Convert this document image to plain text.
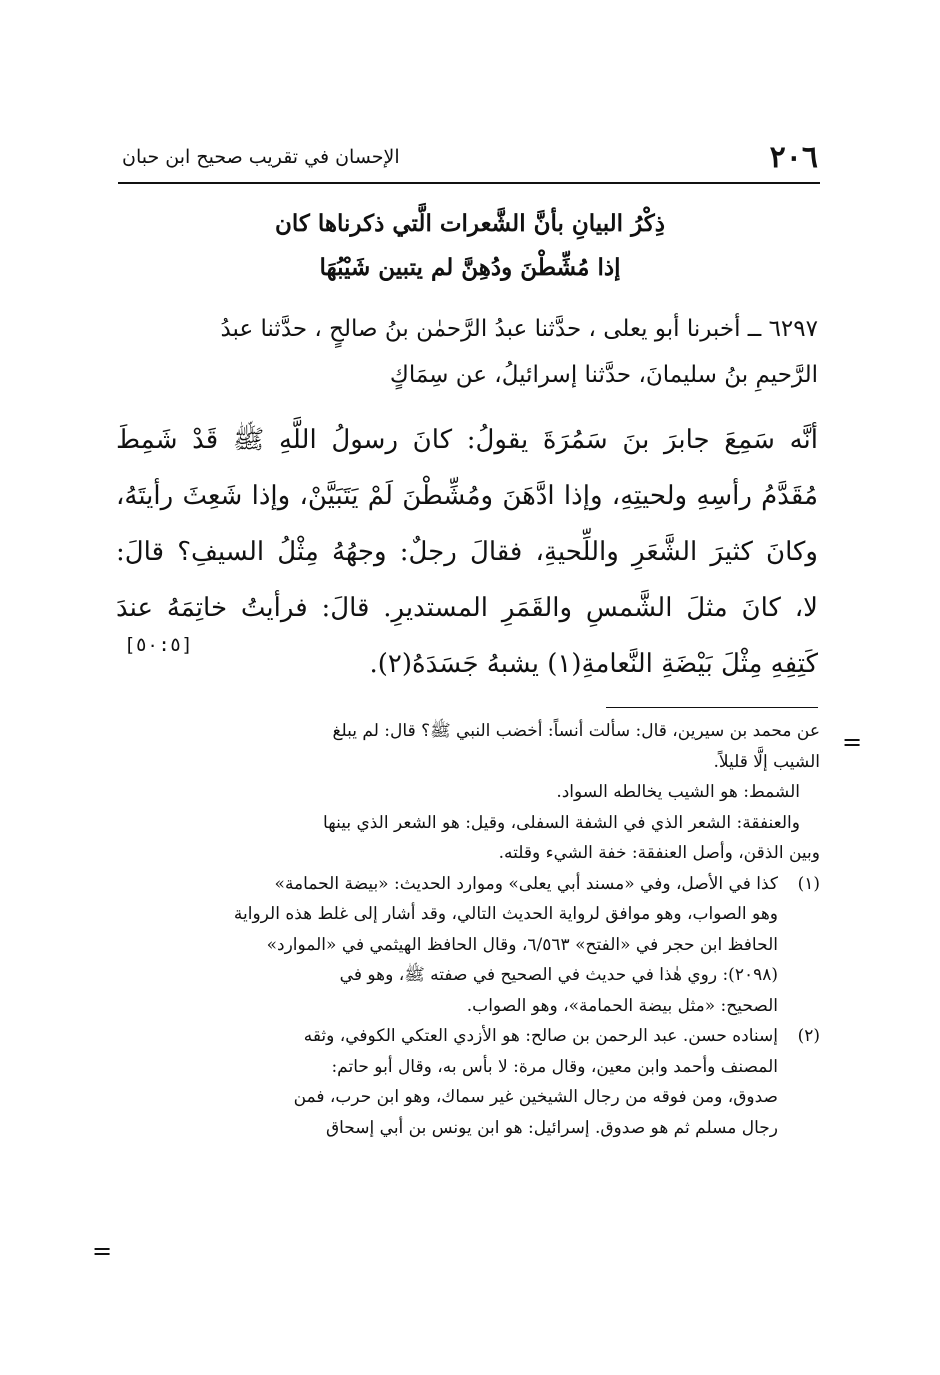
٢٠٦
الإحسان في تقريب صحيح ابن حبان
ذِكْرُ البيانِ بأنَّ الشَّعرات الَّتي ذكرناها كان
إذا مُشِّطْنَ ودُهِنَّ لم يتبين شَيْبُهَا
٦٢٩٧ ــ أخبرنا أبو يعلى ، حدَّثنا عبدُ الرَّحمٰن بنُ صالحٍ ، حدَّثنا عبدُ
الرَّحيمِ بنُ سليمانَ، حدَّثنا إسرائيلُ، عن سِمَاكٍ
أنَّه سَمِعَ جابرَ بنَ سَمُرَةَ يقولُ: كانَ رسولُ اللَّهِ ﷺ قَدْ شَمِطَ
مُقَدَّمُ رأسِهِ ولحيتِهِ، وإذا ادَّهَنَ ومُشِّطْنَ لَمْ يَتَبَيَّنْ، وإذا شَعِثَ رأيتَهُ،
وكانَ كثيرَ الشَّعَرِ واللِّحيةِ، فقالَ رجلٌ: وجهُهُ مِثْلُ السيفِ؟ قالَ:
لا، كانَ مثلَ الشَّمسِ والقَمَرِ المستديرِ. قالَ: فرأيتُ خاتِمَهُ عندَ
كَتِفِهِ مِثْلَ بَيْضَةِ النَّعامةِ(١) يشبهُ جَسَدَهُ(٢).
[٥٠:٥]
=
عن محمد بن سيرين، قال: سألت أنساً: أخضب النبي ﷺ؟ قال: لم يبلغ
الشيب إلَّا قليلاً.
الشمط: هو الشيب يخالطه السواد.
والعنفقة: الشعر الذي في الشفة السفلى، وقيل: هو الشعر الذي بينها
وبين الذقن، وأصل العنفقة: خفة الشيء وقلته.
(١)كذا في الأصل، وفي «مسند أبي يعلى» وموارد الحديث: «بيضة الحمامة»
وهو الصواب، وهو موافق لرواية الحديث التالي، وقد أشار إلى غلط هذه الرواية
الحافظ ابن حجر في «الفتح» ٦/٥٦٣، وقال الحافظ الهيثمي في «الموارد»
(٢٠٩٨): روي هٰذا في حديث في الصحيح في صفته ﷺ، وهو في
الصحيح: «مثل بيضة الحمامة»، وهو الصواب.
(٢)إسناده حسن. عبد الرحمن بن صالح: هو الأزدي العتكي الكوفي، وثقه
المصنف وأحمد وابن معين، وقال مرة: لا بأس به، وقال أبو حاتم:
صدوق، ومن فوقه من رجال الشيخين غير سماك، وهو ابن حرب، فمن
رجال مسلم ثم هو صدوق. إسرائيل: هو ابن يونس بن أبي إسحاق
=
